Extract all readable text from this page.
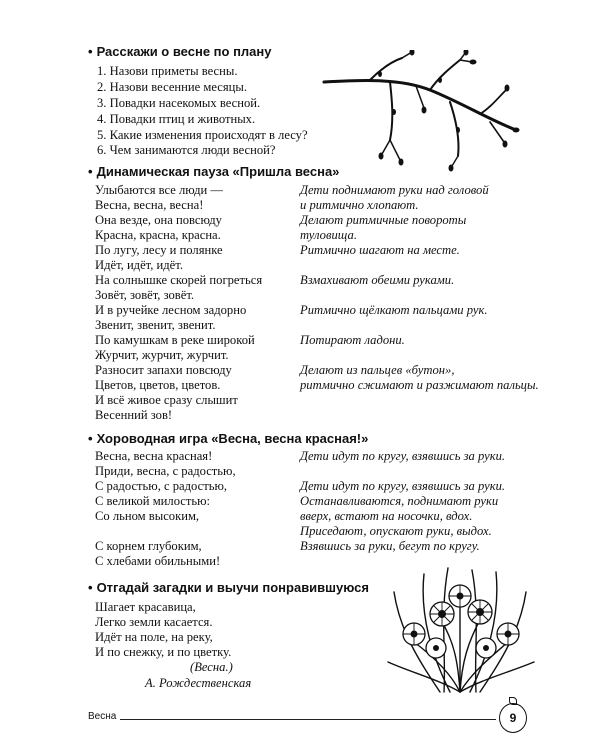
• Расскажи о весне по плану
1. Назови приметы весны.
2. Назови весенние месяцы.
3. Повадки насекомых весной.
4. Повадки птиц и животных.
5. Какие изменения происходят в лесу?
6. Чем занимаются люди весной?
• Динамическая пауза «Пришла весна»
Улыбаются все люди —
Весна, весна, весна!
Она везде, она повсюду
Красна, красна, красна.
По лугу, лесу и полянке
Идёт, идёт, идёт.
На солнышке скорей погреться
Зовёт, зовёт, зовёт.
И в ручейке лесном задорно
Звенит, звенит, звенит.
По камушкам в реке широкой
Журчит, журчит, журчит.
Разносит запахи повсюду
Цветов, цветов, цветов.
И всё живое сразу слышит
Весенний зов!
Дети поднимают руки над головой
и ритмично хлопают.
Делают ритмичные повороты
туловища.
Ритмично шагают на месте.
Взмахивают обеими руками.
Ритмично щёлкают пальцами рук.
Потирают ладони.
Делают из пальцев «бутон»,
ритмично сжимают и разжимают пальцы.
• Хороводная игра «Весна, весна красная!»
Весна, весна красная!
Приди, весна, с радостью,
С радостью, с радостью,
С великой милостью:
Со льном высоким,
С корнем глубоким,
С хлебами обильными!
Дети идут по кругу, взявшись за руки.
Дети идут по кругу, взявшись за руки.
Останавливаются, поднимают руки
вверх, встают на носочки, вдох.
Приседают, опускают руки, выдох.
Взявшись за руки, бегут по кругу.
• Отгадай загадки и выучи понравившуюся
Шагает красавица,
Легко земли касается.
Идёт на поле, на реку,
И по снежку, и по цветку.
(Весна.)
А. Рождественская
Весна	9
